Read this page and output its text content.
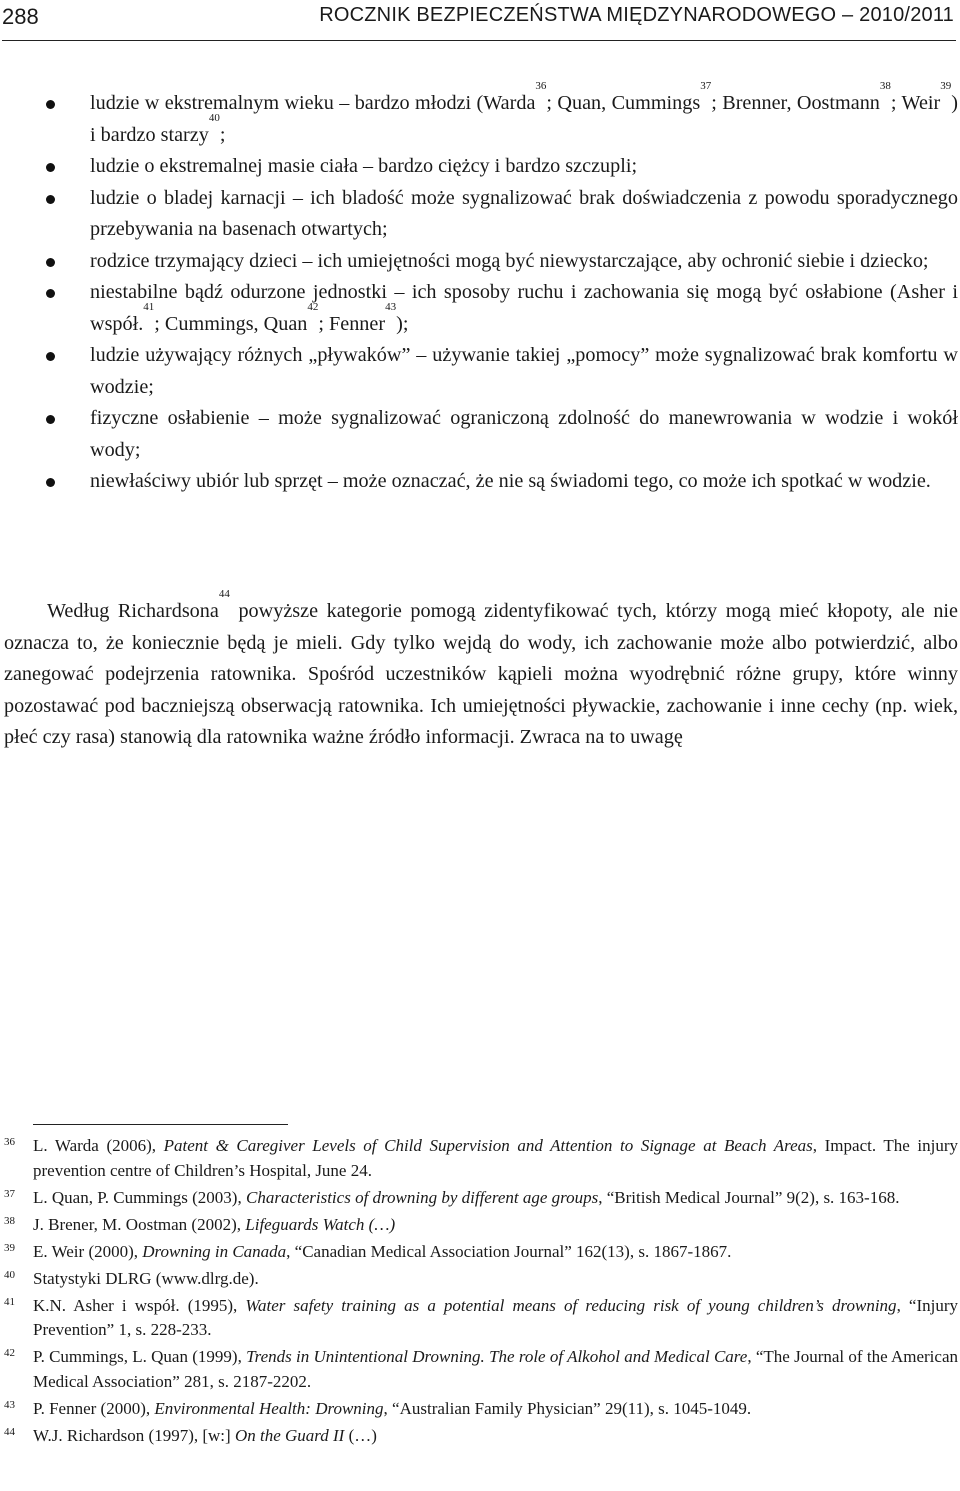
288	ROCZNIK BEZPIECZEŃSTWA MIĘDZYNARODOWEGO – 2010/2011
ludzie w ekstremalnym wieku – bardzo młodzi (Warda$^{36}$; Quan, Cummings$^{37}$; Brenner, Oostmann$^{38}$; Weir$^{39}$) i bardzo starzy$^{40}$;
ludzie o ekstremalnej masie ciała – bardzo ciężcy i bardzo szczupli;
ludzie o bladej karnacji – ich bladość może sygnalizować brak doświadczenia z powodu sporadycznego przebywania na basenach otwartych;
rodzice trzymający dzieci – ich umiejętności mogą być niewystarczające, aby ochronić siebie i dziecko;
niestabilne bądź odurzone jednostki – ich sposoby ruchu i zachowania się mogą być osłabione (Asher i współ.$^{41}$; Cummings, Quan$^{42}$; Fenner$^{43}$);
ludzie używający różnych „pływaków” – używanie takiej „pomocy” może sygnalizować brak komfortu w wodzie;
fizyczne osłabienie – może sygnalizować ograniczoną zdolność do manewrowania w wodzie i wokół wody;
niewłaściwy ubiór lub sprzęt – może oznaczać, że nie są świadomi tego, co może ich spotkać w wodzie.

Według Richardsona$^{44}$ powyższe kategorie pomogą zidentyfikować tych, którzy mogą mieć kłopoty, ale nie oznacza to, że koniecznie będą je mieli. Gdy tylko wejdą do wody, ich zachowanie może albo potwierdzić, albo zanegować podejrzenia ratownika. Spośród uczestników kąpieli można wyodrębnić różne grupy, które winny pozostawać pod baczniejszą obserwacją ratownika. Ich umiejętności pływackie, zachowanie i inne cechy (np. wiek, płeć czy rasa) stanowią dla ratownika ważne źródło informacji. Zwraca na to uwagę

36 L. Warda (2006), Patent & Caregiver Levels of Child Supervision and Attention to Signage at Beach Areas, Impact. The injury prevention centre of Children’s Hospital, June 24.
37 L. Quan, P. Cummings (2003), Characteristics of drowning by different age groups, “British Medical Journal” 9(2), s. 163-168.
38 J. Brener, M. Oostman (2002), Lifeguards Watch (…)
39 E. Weir (2000), Drowning in Canada, “Canadian Medical Association Journal” 162(13), s. 1867-1867.
40 Statystyki DLRG (www.dlrg.de).
41 K.N. Asher i współ. (1995), Water safety training as a potential means of reducing risk of young children’s drowning, “Injury Prevention” 1, s. 228-233.
42 P. Cummings, L. Quan (1999), Trends in Unintentional Drowning. The role of Alkohol and Medical Care, “The Journal of the American Medical Association” 281, s. 2187-2202.
43 P. Fenner (2000), Environmental Health: Drowning, “Australian Family Physician” 29(11), s. 1045-1049.
44 W.J. Richardson (1997), [w:] On the Guard II (…)
